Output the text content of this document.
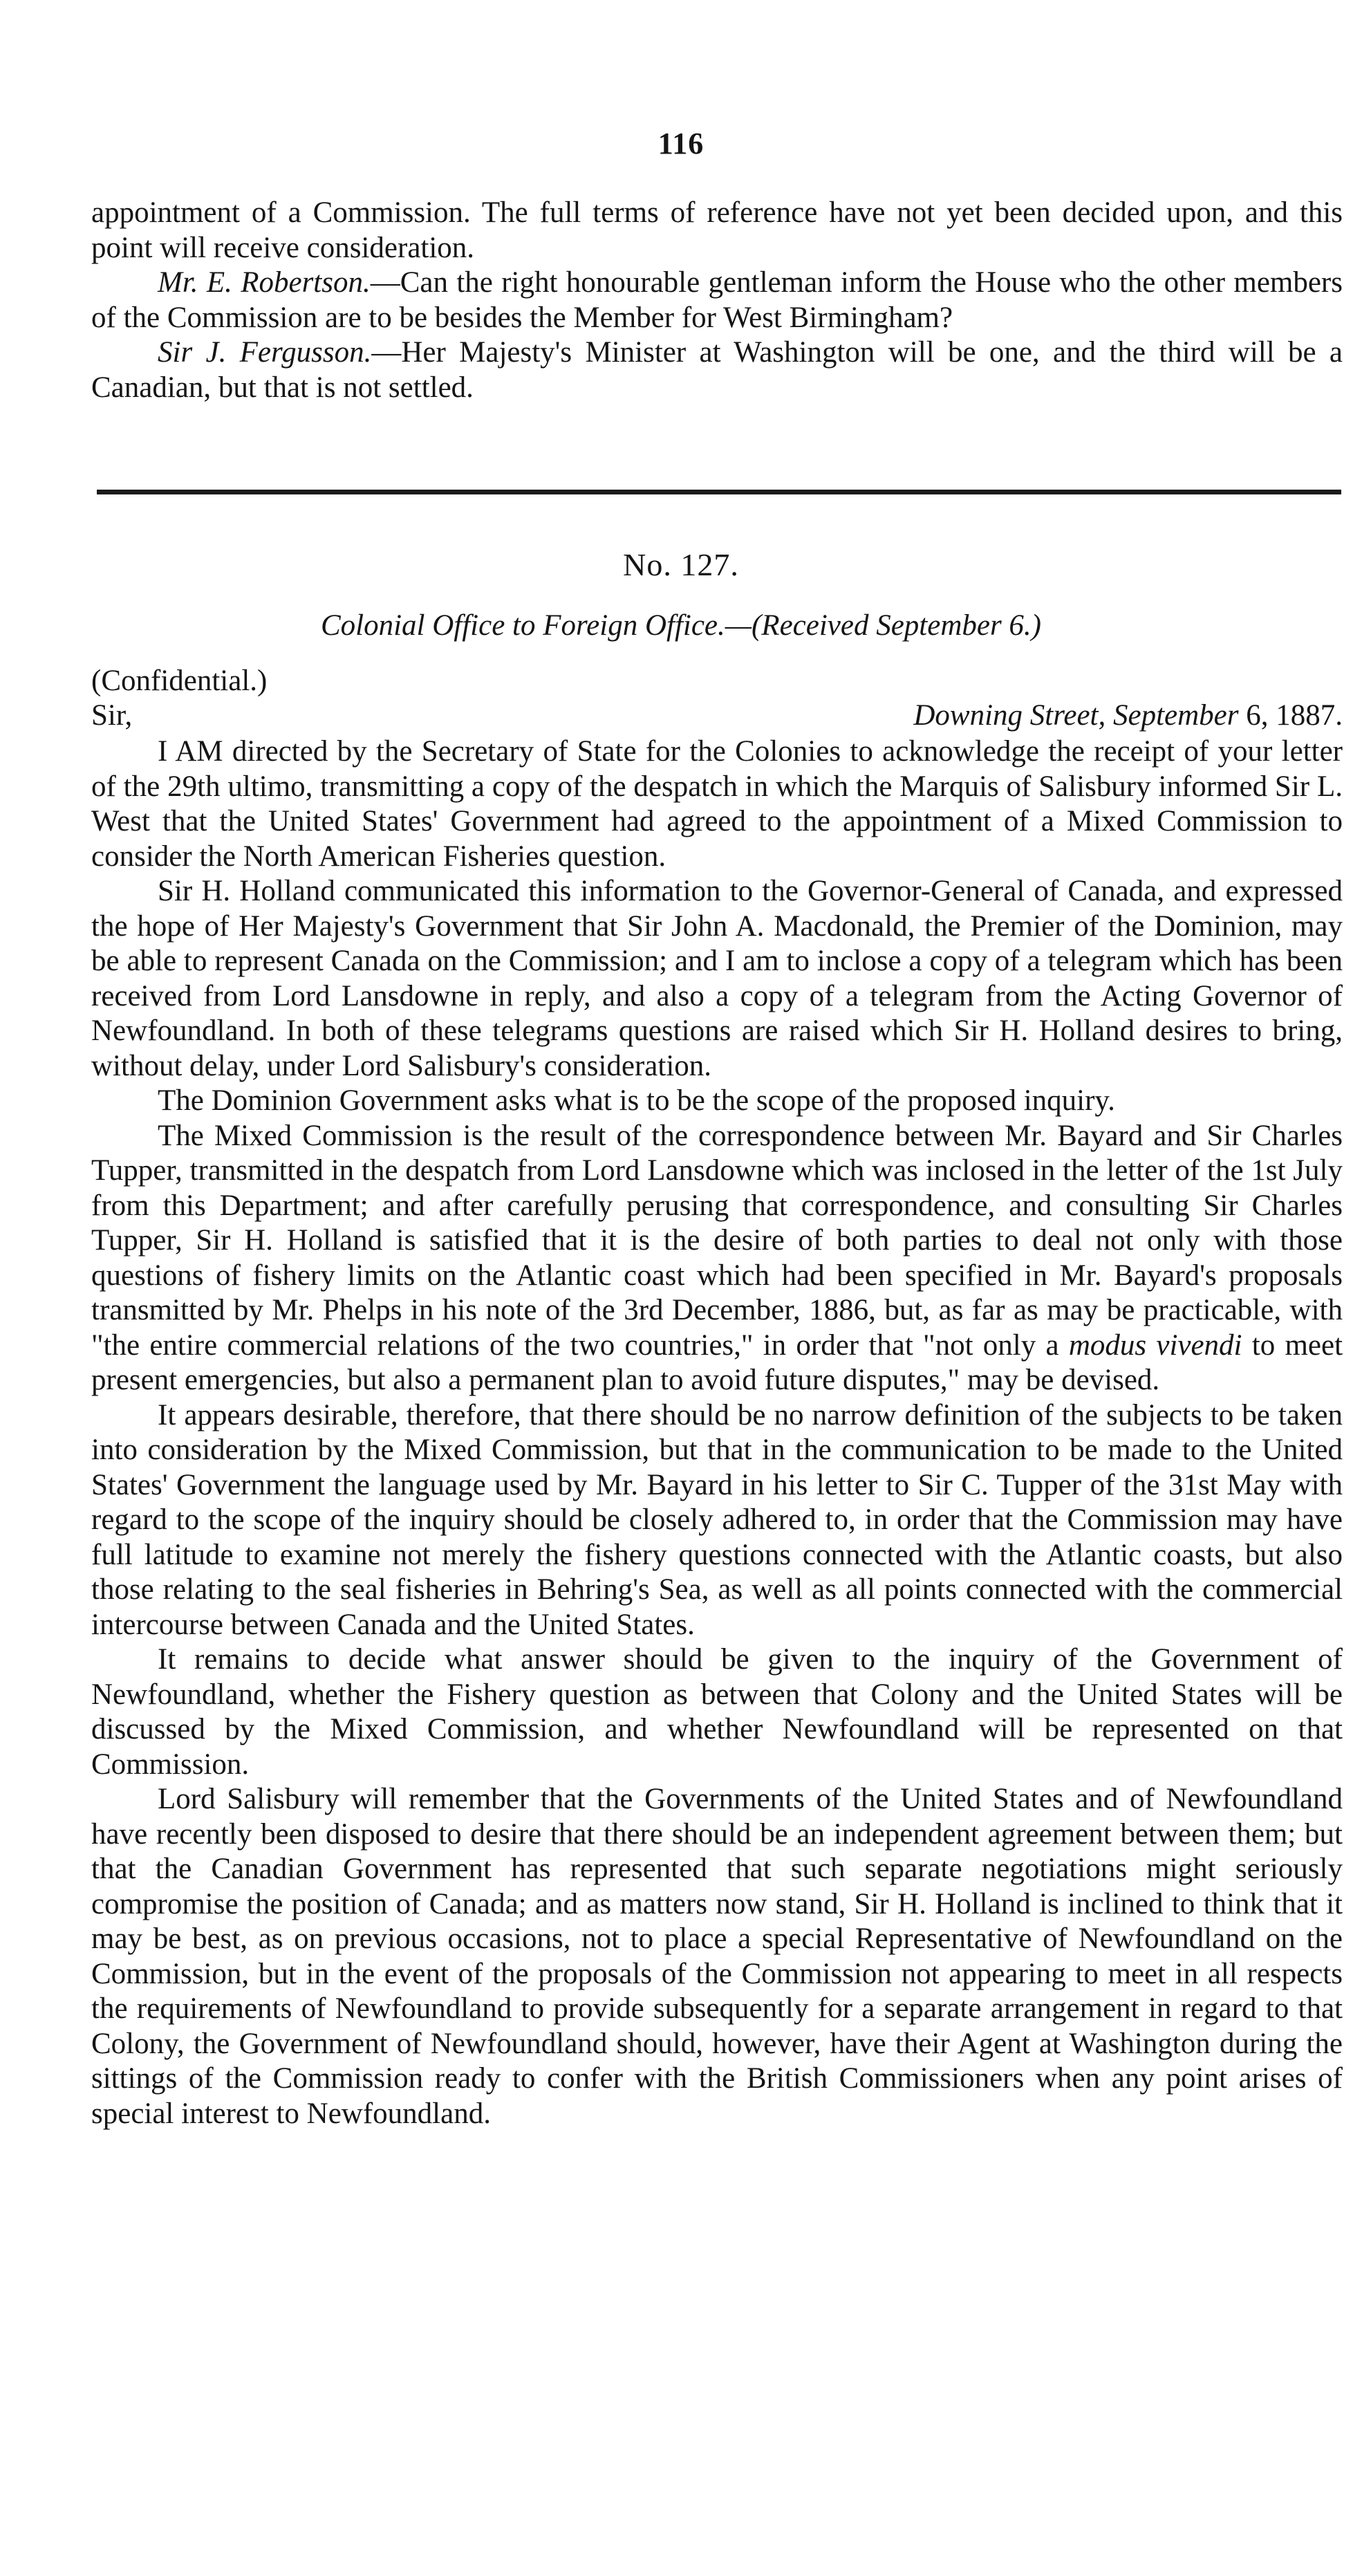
116

appointment of a Commission. The full terms of reference have not yet been decided upon, and this point will receive consideration.

Mr. E. Robertson.—Can the right honourable gentleman inform the House who the other members of the Commission are to be besides the Member for West Birmingham?

Sir J. Fergusson.—Her Majesty's Minister at Washington will be one, and the third will be a Canadian, but that is not settled.

No. 127.
Colonial Office to Foreign Office.—(Received September 6.)
(Confidential.)
Sir,	Downing Street, September 6, 1887.

I AM directed by the Secretary of State for the Colonies to acknowledge the receipt of your letter of the 29th ultimo, transmitting a copy of the despatch in which the Marquis of Salisbury informed Sir L. West that the United States' Government had agreed to the appointment of a Mixed Commission to consider the North American Fisheries question.

Sir H. Holland communicated this information to the Governor-General of Canada, and expressed the hope of Her Majesty's Government that Sir John A. Macdonald, the Premier of the Dominion, may be able to represent Canada on the Commission; and I am to inclose a copy of a telegram which has been received from Lord Lansdowne in reply, and also a copy of a telegram from the Acting Governor of Newfoundland. In both of these telegrams questions are raised which Sir H. Holland desires to bring, without delay, under Lord Salisbury's consideration.

The Dominion Government asks what is to be the scope of the proposed inquiry.

The Mixed Commission is the result of the correspondence between Mr. Bayard and Sir Charles Tupper, transmitted in the despatch from Lord Lansdowne which was inclosed in the letter of the 1st July from this Department; and after carefully perusing that correspondence, and consulting Sir Charles Tupper, Sir H. Holland is satisfied that it is the desire of both parties to deal not only with those questions of fishery limits on the Atlantic coast which had been specified in Mr. Bayard's proposals transmitted by Mr. Phelps in his note of the 3rd December, 1886, but, as far as may be practicable, with "the entire commercial relations of the two countries," in order that "not only a modus vivendi to meet present emergencies, but also a permanent plan to avoid future disputes," may be devised.

It appears desirable, therefore, that there should be no narrow definition of the subjects to be taken into consideration by the Mixed Commission, but that in the communication to be made to the United States' Government the language used by Mr. Bayard in his letter to Sir C. Tupper of the 31st May with regard to the scope of the inquiry should be closely adhered to, in order that the Commission may have full latitude to examine not merely the fishery questions connected with the Atlantic coasts, but also those relating to the seal fisheries in Behring's Sea, as well as all points connected with the commercial intercourse between Canada and the United States.

It remains to decide what answer should be given to the inquiry of the Government of Newfoundland, whether the Fishery question as between that Colony and the United States will be discussed by the Mixed Commission, and whether Newfoundland will be represented on that Commission.

Lord Salisbury will remember that the Governments of the United States and of Newfoundland have recently been disposed to desire that there should be an independent agreement between them; but that the Canadian Government has represented that such separate negotiations might seriously compromise the position of Canada; and as matters now stand, Sir H. Holland is inclined to think that it may be best, as on previous occasions, not to place a special Representative of Newfoundland on the Commission, but in the event of the proposals of the Commission not appearing to meet in all respects the requirements of Newfoundland to provide subsequently for a separate arrangement in regard to that Colony, the Government of Newfoundland should, however, have their Agent at Washington during the sittings of the Commission ready to confer with the British Commissioners when any point arises of special interest to Newfoundland.
